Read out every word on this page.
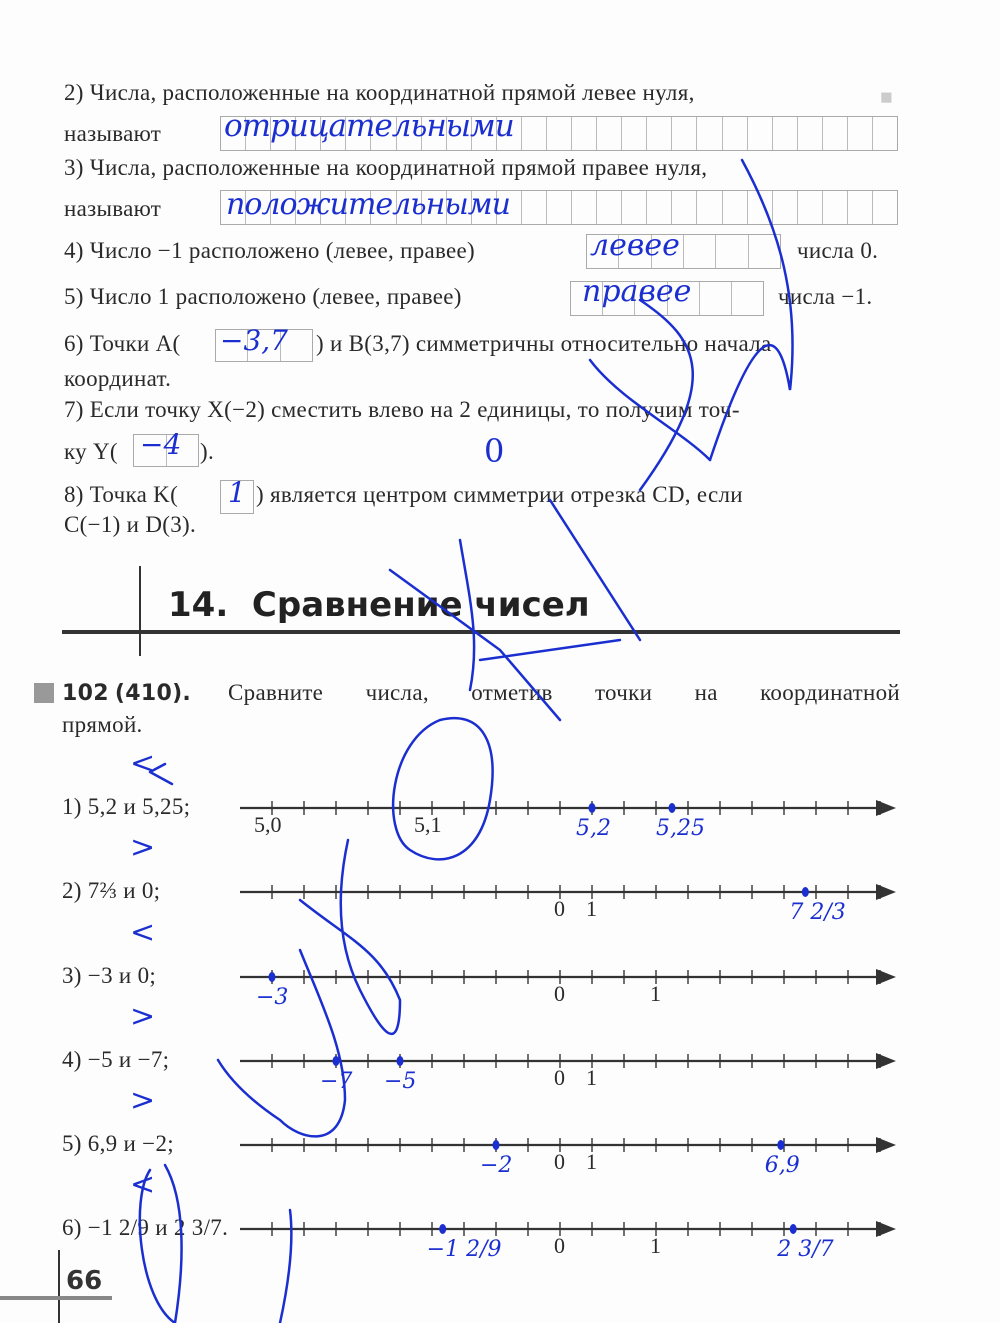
■
2) Числа, расположенные на координатной прямой левее нуля,
называют отрицательными
3) Числа, расположенные на координатной прямой правее нуля,
называют положительными
4) Число −1 расположено (левее, правее)	левее	числа 0.
5) Число 1 расположено (левее, правее)	правее	числа −1.
6) Точки A( −3,7 ) и B(3,7) симметричны относительно начала
координат.
7) Если точку X(−2) сместить влево на 2 единицы, то получим точ-
ку Y( −4 ).
8) Точка K( 1 ) является центром симметрии отрезка CD, если
C(−1) и D(3).
0
14. Сравнение чисел
102 (410). Сравните числа, отметив точки на координатной
прямой.
1) 5,2 и 5,25;
<
5,2 5,25
5,0	5,1
2) 7⅔ и 0;
>
7 2/3
0 1
3) −3 и 0;
<
−3	0	1
4) −5 и −7;
>
−7 −5	0 1
5) 6,9 и −2;
>
−2	6,9
0 1
6) −1 2/9 и 2 3/7.
<
−1 2/9	2 3/7
0	1
66
